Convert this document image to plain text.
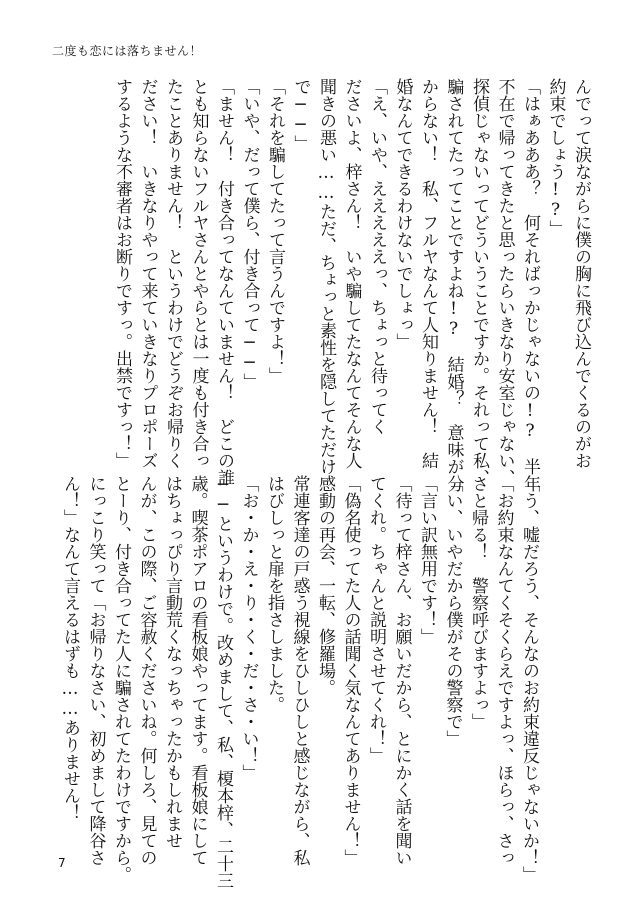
二度も恋には落ちません！

んでって涙ながらに僕の胸に飛び込んでくるのがお

約束でしょう!?」

「はぁあああ？　何そればっかじゃないの!?　半年

不在で帰ってきたと思ったらいきなり安室じゃない、

探偵じゃないってどういうことですか。それって私、

騙されてたってことですよね!?　結婚？　意味が分

からない！　私、フルヤなんて人知りません！　結

婚なんてできるわけないでしょっ」

「え、いや、えええええっ、ちょっと待ってく

ださいよ、梓さん！　いや騙してたなんてそんな人

聞きの悪い……ただ、ちょっと素性を隠してただけ

で──」

「それを騙してたって言うんですよ！」

「いや、だって僕ら、付き合って──」

「ません！　付き合ってなんていません！　どこの誰

とも知らないフルヤさんとやらとは一度も付き合っ

たことありません！　というわけでどうぞお帰りく

ださい！　いきなりやって来ていきなりプロポーズ

するような不審者はお断りですっ。出禁ですっ！」

「う、嘘だろう、そんなのお約束違反じゃないか！」

「お約束なんてくそくらえですよっ、ほらっ、さっ

さと帰る！　警察呼びますよっ」

「い、いやだから僕がその警察で」

「言い訳無用です！」

「待って梓さん、お願いだから、とにかく話を聞い

てくれ。ちゃんと説明させてくれ！」

「偽名使ってた人の話聞く気なんてありません！」

感動の再会、一転、修羅場。

常連客達の戸惑う視線をひしひしと感じながら、私

はびしっと扉を指さしました。

「お・か・え・り・く・だ・さ・い！」

──というわけで。改めまして、私、榎本梓、二十三

歳。喫茶ポアロの看板娘やってます。看板娘にして

はちょっぴり言動荒くなっちゃったかもしれませ

んが、この際、ご容赦くださいね。何しろ、見ての

とーり、付き合ってた人に騙されてたわけですから。

にっこり笑って「お帰りなさい、初めまして降谷さ

ん！」なんて言えるはずも……ありません！

7
